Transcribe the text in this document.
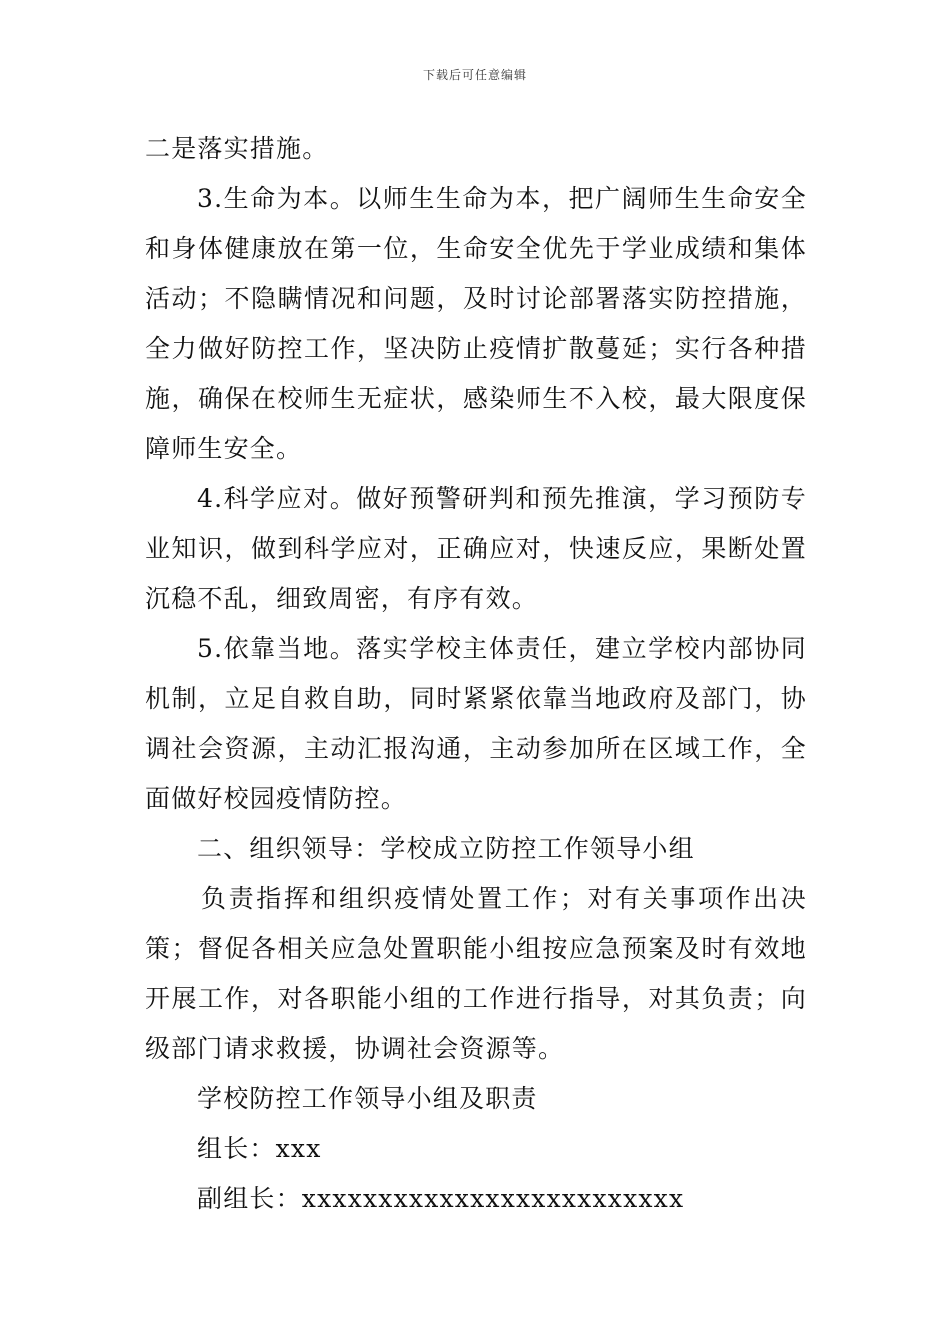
下载后可任意编辑

二是落实措施。

3.生命为本。以师生生命为本，把广阔师生生命安全和身体健康放在第一位，生命安全优先于学业成绩和集体活动；不隐瞒情况和问题，及时讨论部署落实防控措施，全力做好防控工作，坚决防止疫情扩散蔓延；实行各种措施，确保在校师生无症状，感染师生不入校，最大限度保障师生安全。

4.科学应对。做好预警研判和预先推演，学习预防专业知识，做到科学应对，正确应对，快速反应，果断处置沉稳不乱，细致周密，有序有效。

5.依靠当地。落实学校主体责任，建立学校内部协同机制，立足自救自助，同时紧紧依靠当地政府及部门，协调社会资源，主动汇报沟通，主动参加所在区域工作，全面做好校园疫情防控。

二、组织领导：学校成立防控工作领导小组

负责指挥和组织疫情处置工作；对有关事项作出决策；督促各相关应急处置职能小组按应急预案及时有效地开展工作，对各职能小组的工作进行指导，对其负责；向级部门请求救援，协调社会资源等。

学校防控工作领导小组及职责

组长：xxx

副组长：xxxxxxxxxxxxxxxxxxxxxxxxx
